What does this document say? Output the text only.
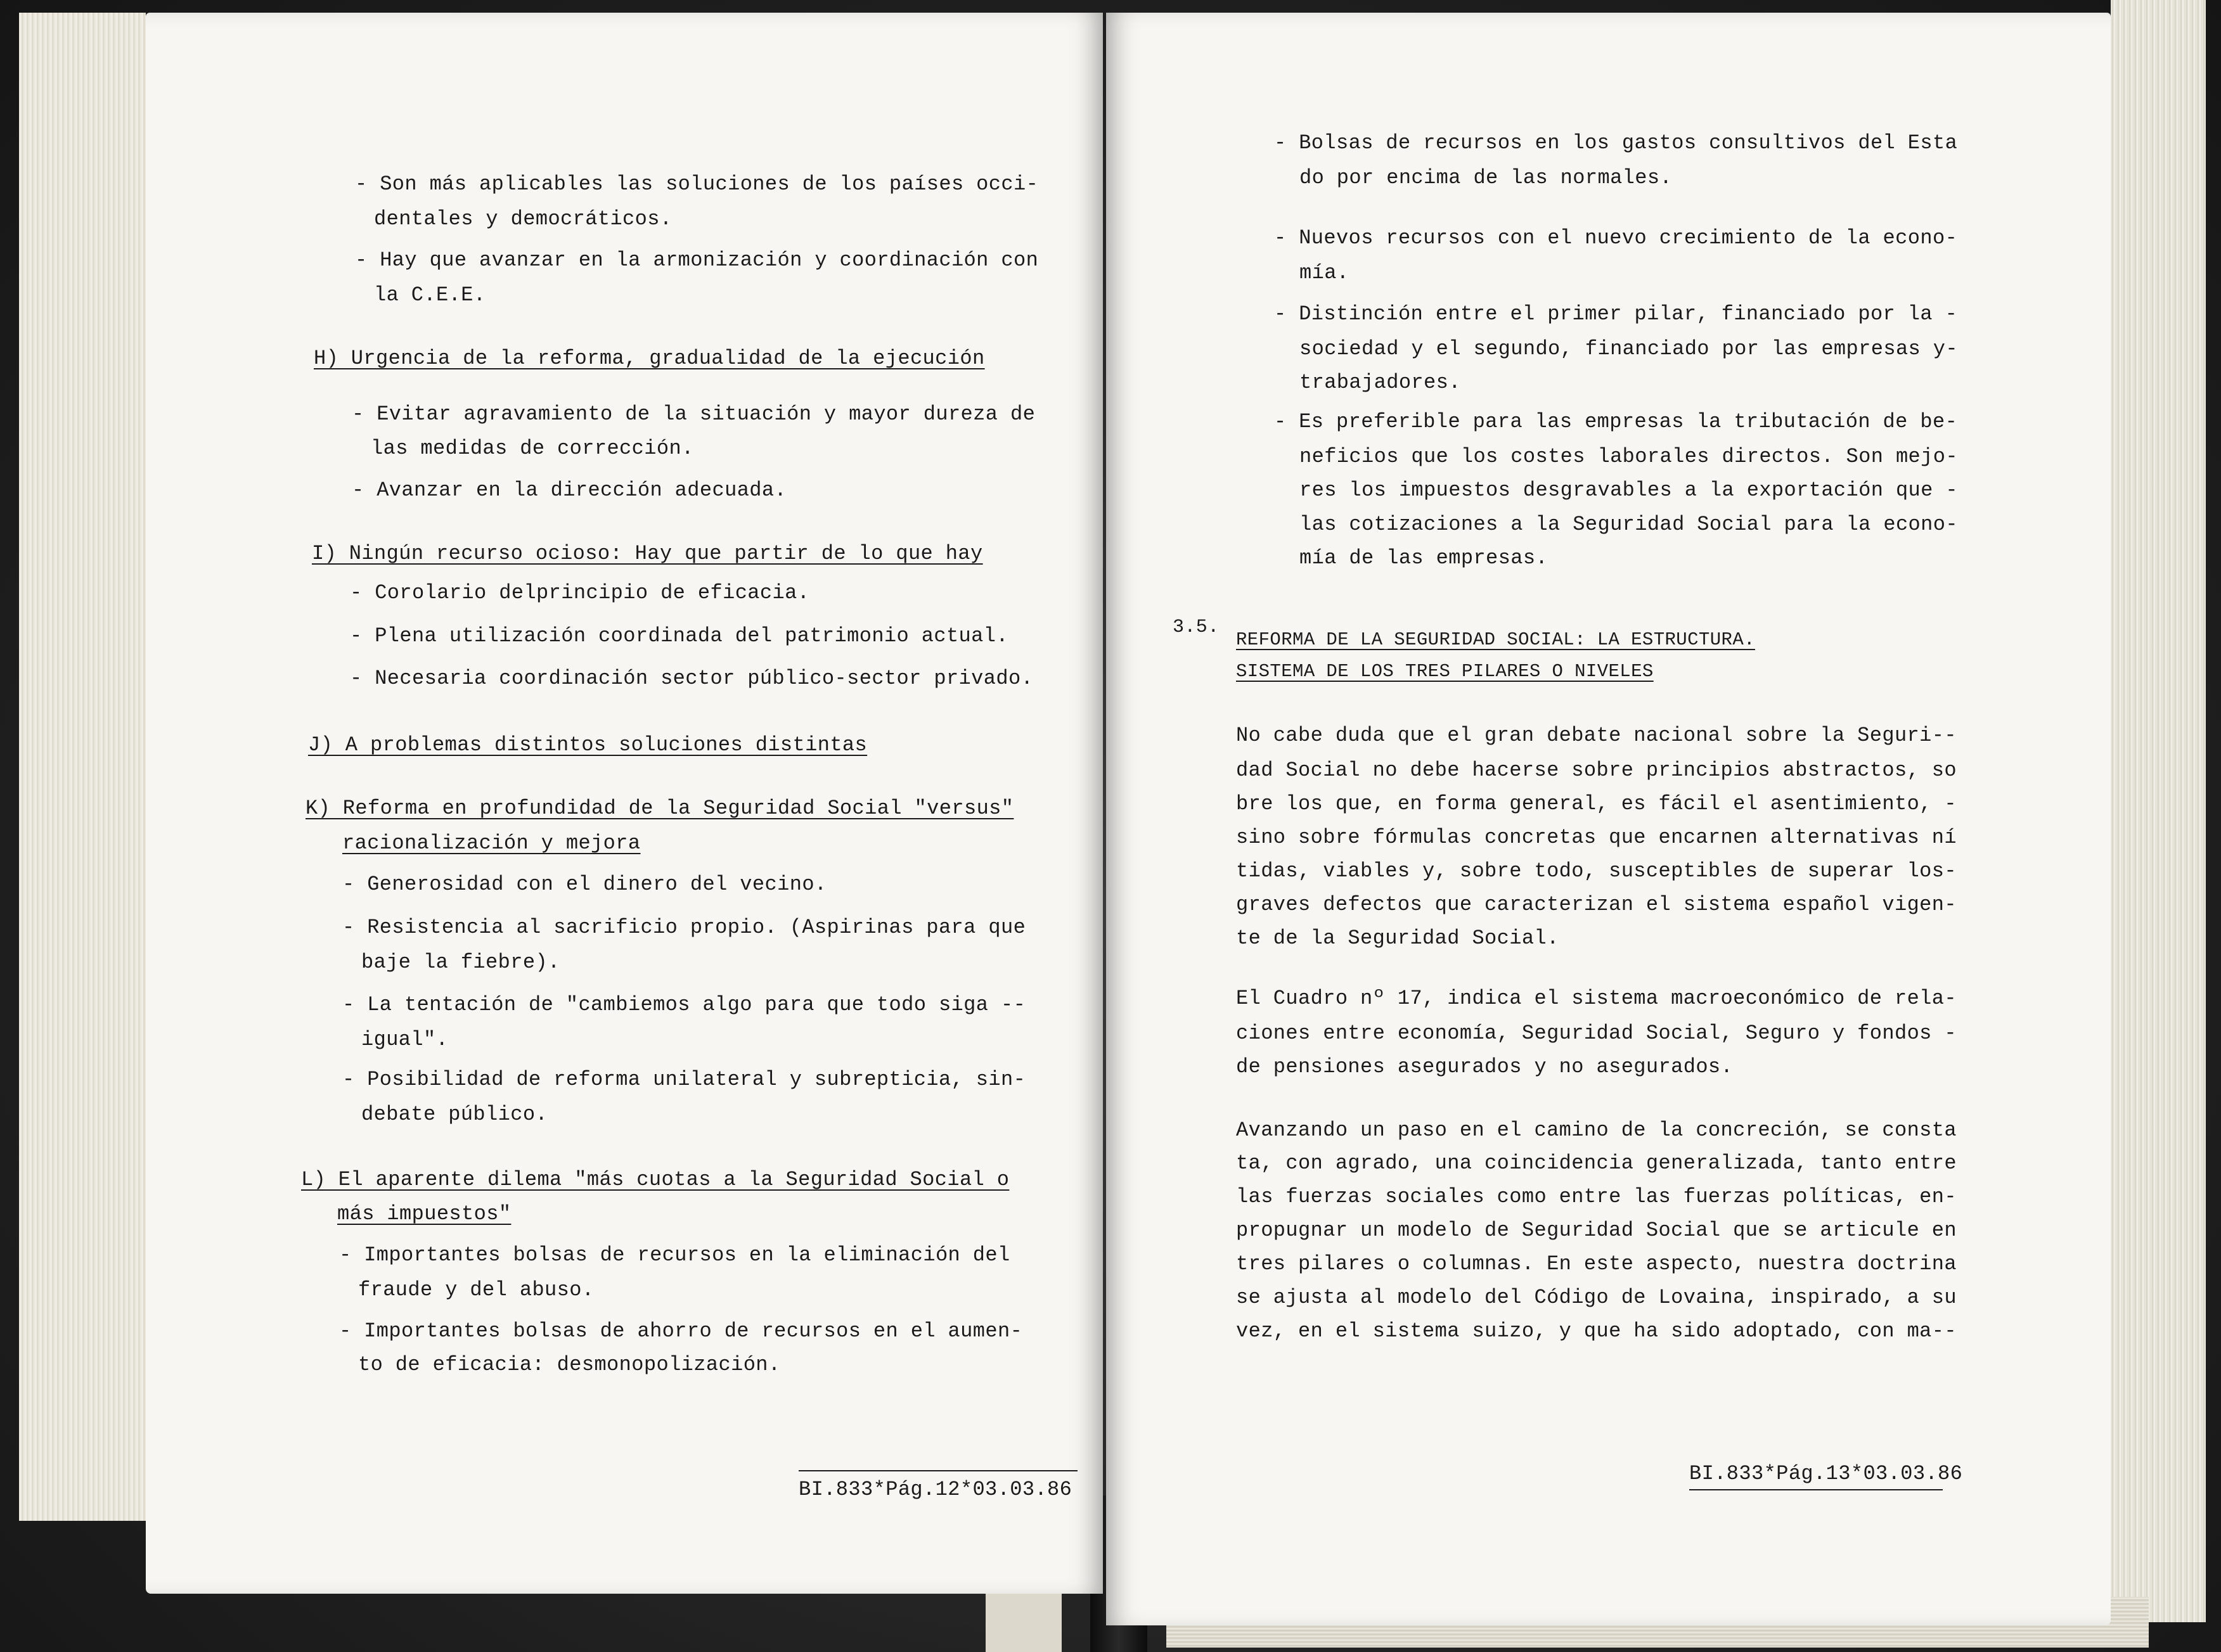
- Son más aplicables las soluciones de los países occi-
dentales y democráticos.
- Hay que avanzar en la armonización y coordinación con
la C.E.E.
H) Urgencia de la reforma, gradualidad de la ejecución
- Evitar agravamiento de la situación y mayor dureza de
las medidas de corrección.
- Avanzar en la dirección adecuada.
I) Ningún recurso ocioso: Hay que partir de lo que hay
- Corolario delprincipio de eficacia.
- Plena utilización coordinada del patrimonio actual.
- Necesaria coordinación sector público-sector privado.
J) A problemas distintos soluciones distintas
K) Reforma en profundidad de la Seguridad Social "versus"
racionalización y mejora
- Generosidad con el dinero del vecino.
- Resistencia al sacrificio propio. (Aspirinas para que
baje la fiebre).
- La tentación de "cambiemos algo para que todo siga --
igual".
- Posibilidad de reforma unilateral y subrepticia, sin-
debate público.
L) El aparente dilema "más cuotas a la Seguridad Social o
más impuestos"
- Importantes bolsas de recursos en la eliminación del
fraude y del abuso.
- Importantes bolsas de ahorro de recursos en el aumen-
to de eficacia: desmonopolización.
BI.833*Pág.12*03.03.86
- Bolsas de recursos en los gastos consultivos del Esta
do por encima de las normales.
- Nuevos recursos con el nuevo crecimiento de la econo-
mía.
- Distinción entre el primer pilar, financiado por la -
sociedad y el segundo, financiado por las empresas y-
trabajadores.
- Es preferible para las empresas la tributación de be-
neficios que los costes laborales directos. Son mejo-
res los impuestos desgravables a la exportación que -
las cotizaciones a la Seguridad Social para la econo-
mía de las empresas.
3.5.
REFORMA DE LA SEGURIDAD SOCIAL: LA ESTRUCTURA.
SISTEMA DE LOS TRES PILARES O NIVELES
No cabe duda que el gran debate nacional sobre la Seguri--
dad Social no debe hacerse sobre principios abstractos, so
bre los que, en forma general, es fácil el asentimiento, -
sino sobre fórmulas concretas que encarnen alternativas ní
tidas, viables y, sobre todo, susceptibles de superar los-
graves defectos que caracterizan el sistema español vigen-
te de la Seguridad Social.
El Cuadro nº 17, indica el sistema macroeconómico de rela-
ciones entre economía, Seguridad Social, Seguro y fondos -
de pensiones asegurados y no asegurados.
Avanzando un paso en el camino de la concreción, se consta
ta, con agrado, una coincidencia generalizada, tanto entre
las fuerzas sociales como entre las fuerzas políticas, en-
propugnar un modelo de Seguridad Social que se articule en
tres pilares o columnas. En este aspecto, nuestra doctrina
se ajusta al modelo del Código de Lovaina, inspirado, a su
vez, en el sistema suizo, y que ha sido adoptado, con ma--
BI.833*Pág.13*03.03.86
